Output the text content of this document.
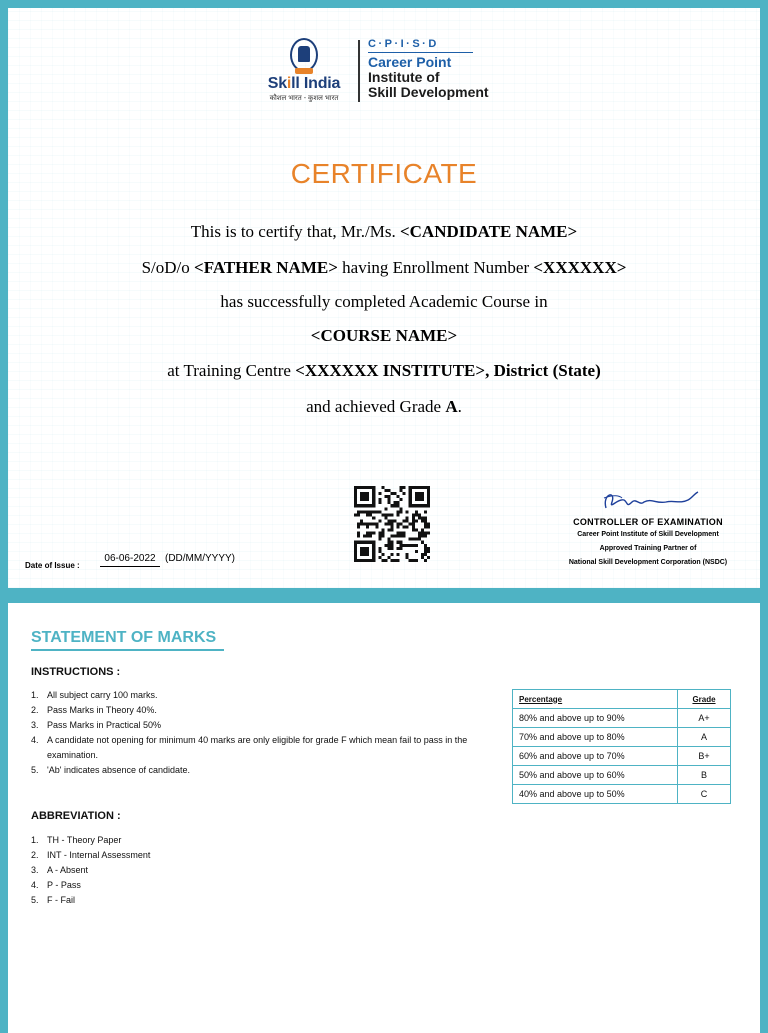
Skill India
कौशल भारत - कुशल भारत
C·P·I·S·D
Career Point
Institute of
Skill Development
CERTIFICATE
This is to certify that, Mr./Ms. <CANDIDATE NAME>
S/oD/o <FATHER NAME> having Enrollment Number <XXXXXX>
has successfully completed Academic Course in
<COURSE NAME>
at Training Centre <XXXXXX INSTITUTE>, District (State)
and achieved Grade A.
CONTROLLER OF EXAMINATION
Career Point Institute of Skill Development
Approved Training Partner of
National Skill Development Corporation (NSDC)
Date of Issue :
06-06-2022 (DD/MM/YYYY)
STATEMENT OF MARKS
INSTRUCTIONS :
1. All subject carry 100 marks.
2. Pass Marks in Theory 40%.
3. Pass Marks in Practical 50%
4. A candidate not opening for minimum 40 marks are only eligible for grade F which mean fail to pass in the examination.
5. 'Ab' indicates absence of candidate.
Percentage	Grade
80% and above up to 90%	A+
70% and above up to 80%	A
60% and above up to 70%	B+
50% and above up to 60%	B
40% and above up to 50%	C
ABBREVIATION :
1. TH - Theory Paper
2. INT - Internal Assessment
3. A - Absent
4. P - Pass
5. F - Fail
